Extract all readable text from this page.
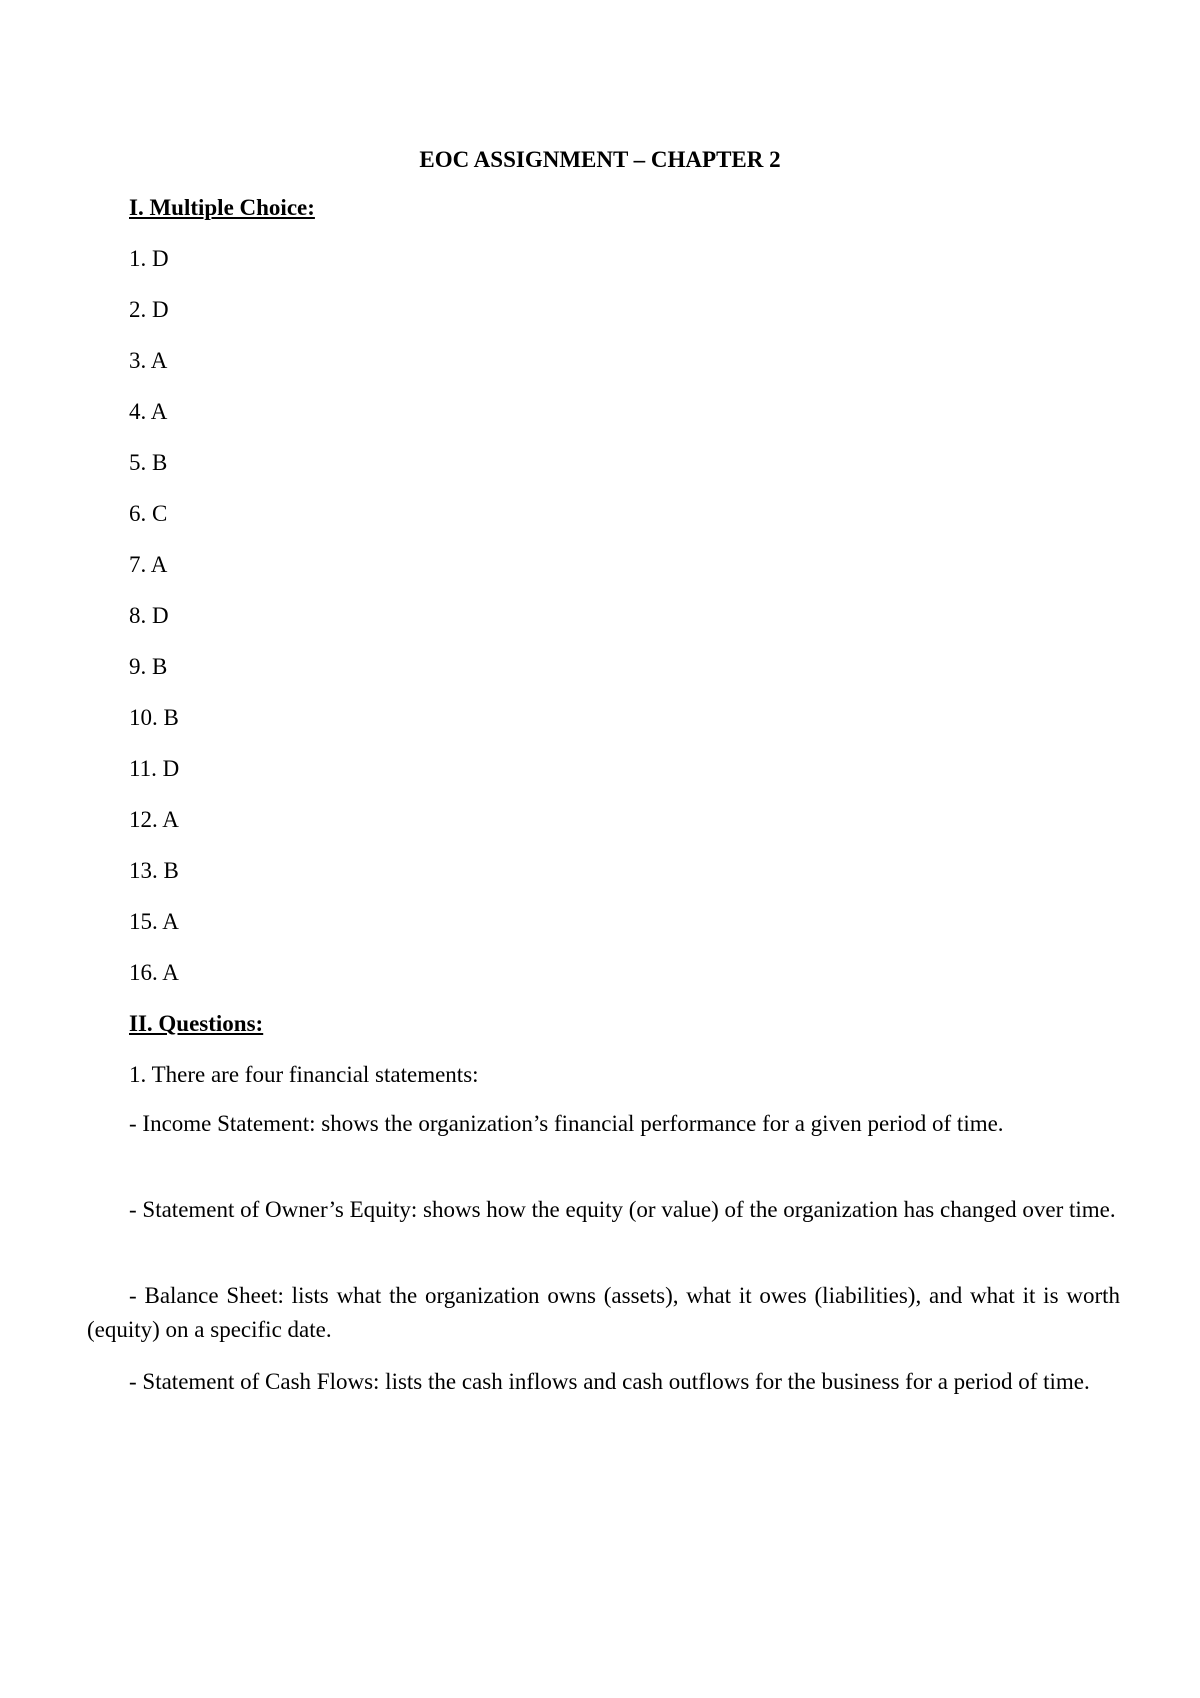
EOC ASSIGNMENT – CHAPTER 2
I. Multiple Choice:
1. D
2. D
3. A
4. A
5. B
6. C
7. A
8. D
9. B
10. B
11. D
12. A
13. B
15. A
16. A
II. Questions:
1. There are four financial statements:
- Income Statement: shows the organization’s financial performance for a given period of time.
- Statement of Owner’s Equity: shows how the equity (or value) of the organization has changed over time.
- Balance Sheet: lists what the organization owns (assets), what it owes (liabilities), and what it is worth (equity) on a specific date.
- Statement of Cash Flows: lists the cash inflows and cash outflows for the business for a period of time.
